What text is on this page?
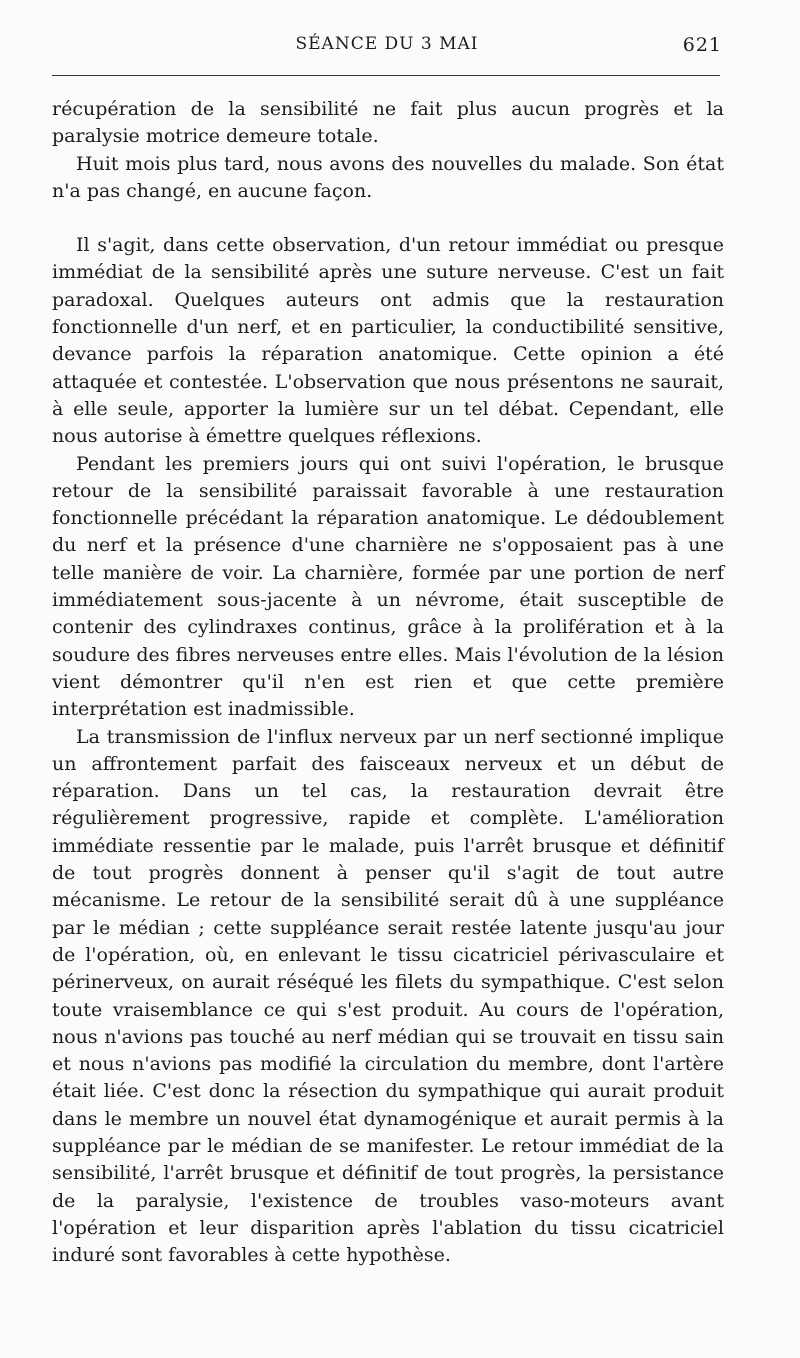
SÉANCE DU 3 MAI	621

récupération de la sensibilité ne fait plus aucun progrès et la paralysie motrice demeure totale.

Huit mois plus tard, nous avons des nouvelles du malade. Son état n'a pas changé, en aucune façon.

Il s'agit, dans cette observation, d'un retour immédiat ou presque immédiat de la sensibilité après une suture nerveuse. C'est un fait paradoxal. Quelques auteurs ont admis que la restauration fonctionnelle d'un nerf, et en particulier, la conductibilité sensitive, devance parfois la réparation anatomique. Cette opinion a été attaquée et contestée. L'observation que nous présentons ne saurait, à elle seule, apporter la lumière sur un tel débat. Cependant, elle nous autorise à émettre quelques réflexions.

Pendant les premiers jours qui ont suivi l'opération, le brusque retour de la sensibilité paraissait favorable à une restauration fonctionnelle précédant la réparation anatomique. Le dédoublement du nerf et la présence d'une charnière ne s'opposaient pas à une telle manière de voir. La charnière, formée par une portion de nerf immédiatement sous-jacente à un névrome, était susceptible de contenir des cylindraxes continus, grâce à la prolifération et à la soudure des fibres nerveuses entre elles. Mais l'évolution de la lésion vient démontrer qu'il n'en est rien et que cette première interprétation est inadmissible.

La transmission de l'influx nerveux par un nerf sectionné implique un affrontement parfait des faisceaux nerveux et un début de réparation. Dans un tel cas, la restauration devrait être régulièrement progressive, rapide et complète. L'amélioration immédiate ressentie par le malade, puis l'arrêt brusque et définitif de tout progrès donnent à penser qu'il s'agit de tout autre mécanisme. Le retour de la sensibilité serait dû à une suppléance par le médian ; cette suppléance serait restée latente jusqu'au jour de l'opération, où, en enlevant le tissu cicatriciel périvasculaire et périnerveux, on aurait réséqué les filets du sympathique. C'est selon toute vraisemblance ce qui s'est produit. Au cours de l'opération, nous n'avions pas touché au nerf médian qui se trouvait en tissu sain et nous n'avions pas modifié la circulation du membre, dont l'artère était liée. C'est donc la résection du sympathique qui aurait produit dans le membre un nouvel état dynamogénique et aurait permis à la suppléance par le médian de se manifester. Le retour immédiat de la sensibilité, l'arrêt brusque et définitif de tout progrès, la persistance de la paralysie, l'existence de troubles vaso-moteurs avant l'opération et leur disparition après l'ablation du tissu cicatriciel induré sont favorables à cette hypothèse.
